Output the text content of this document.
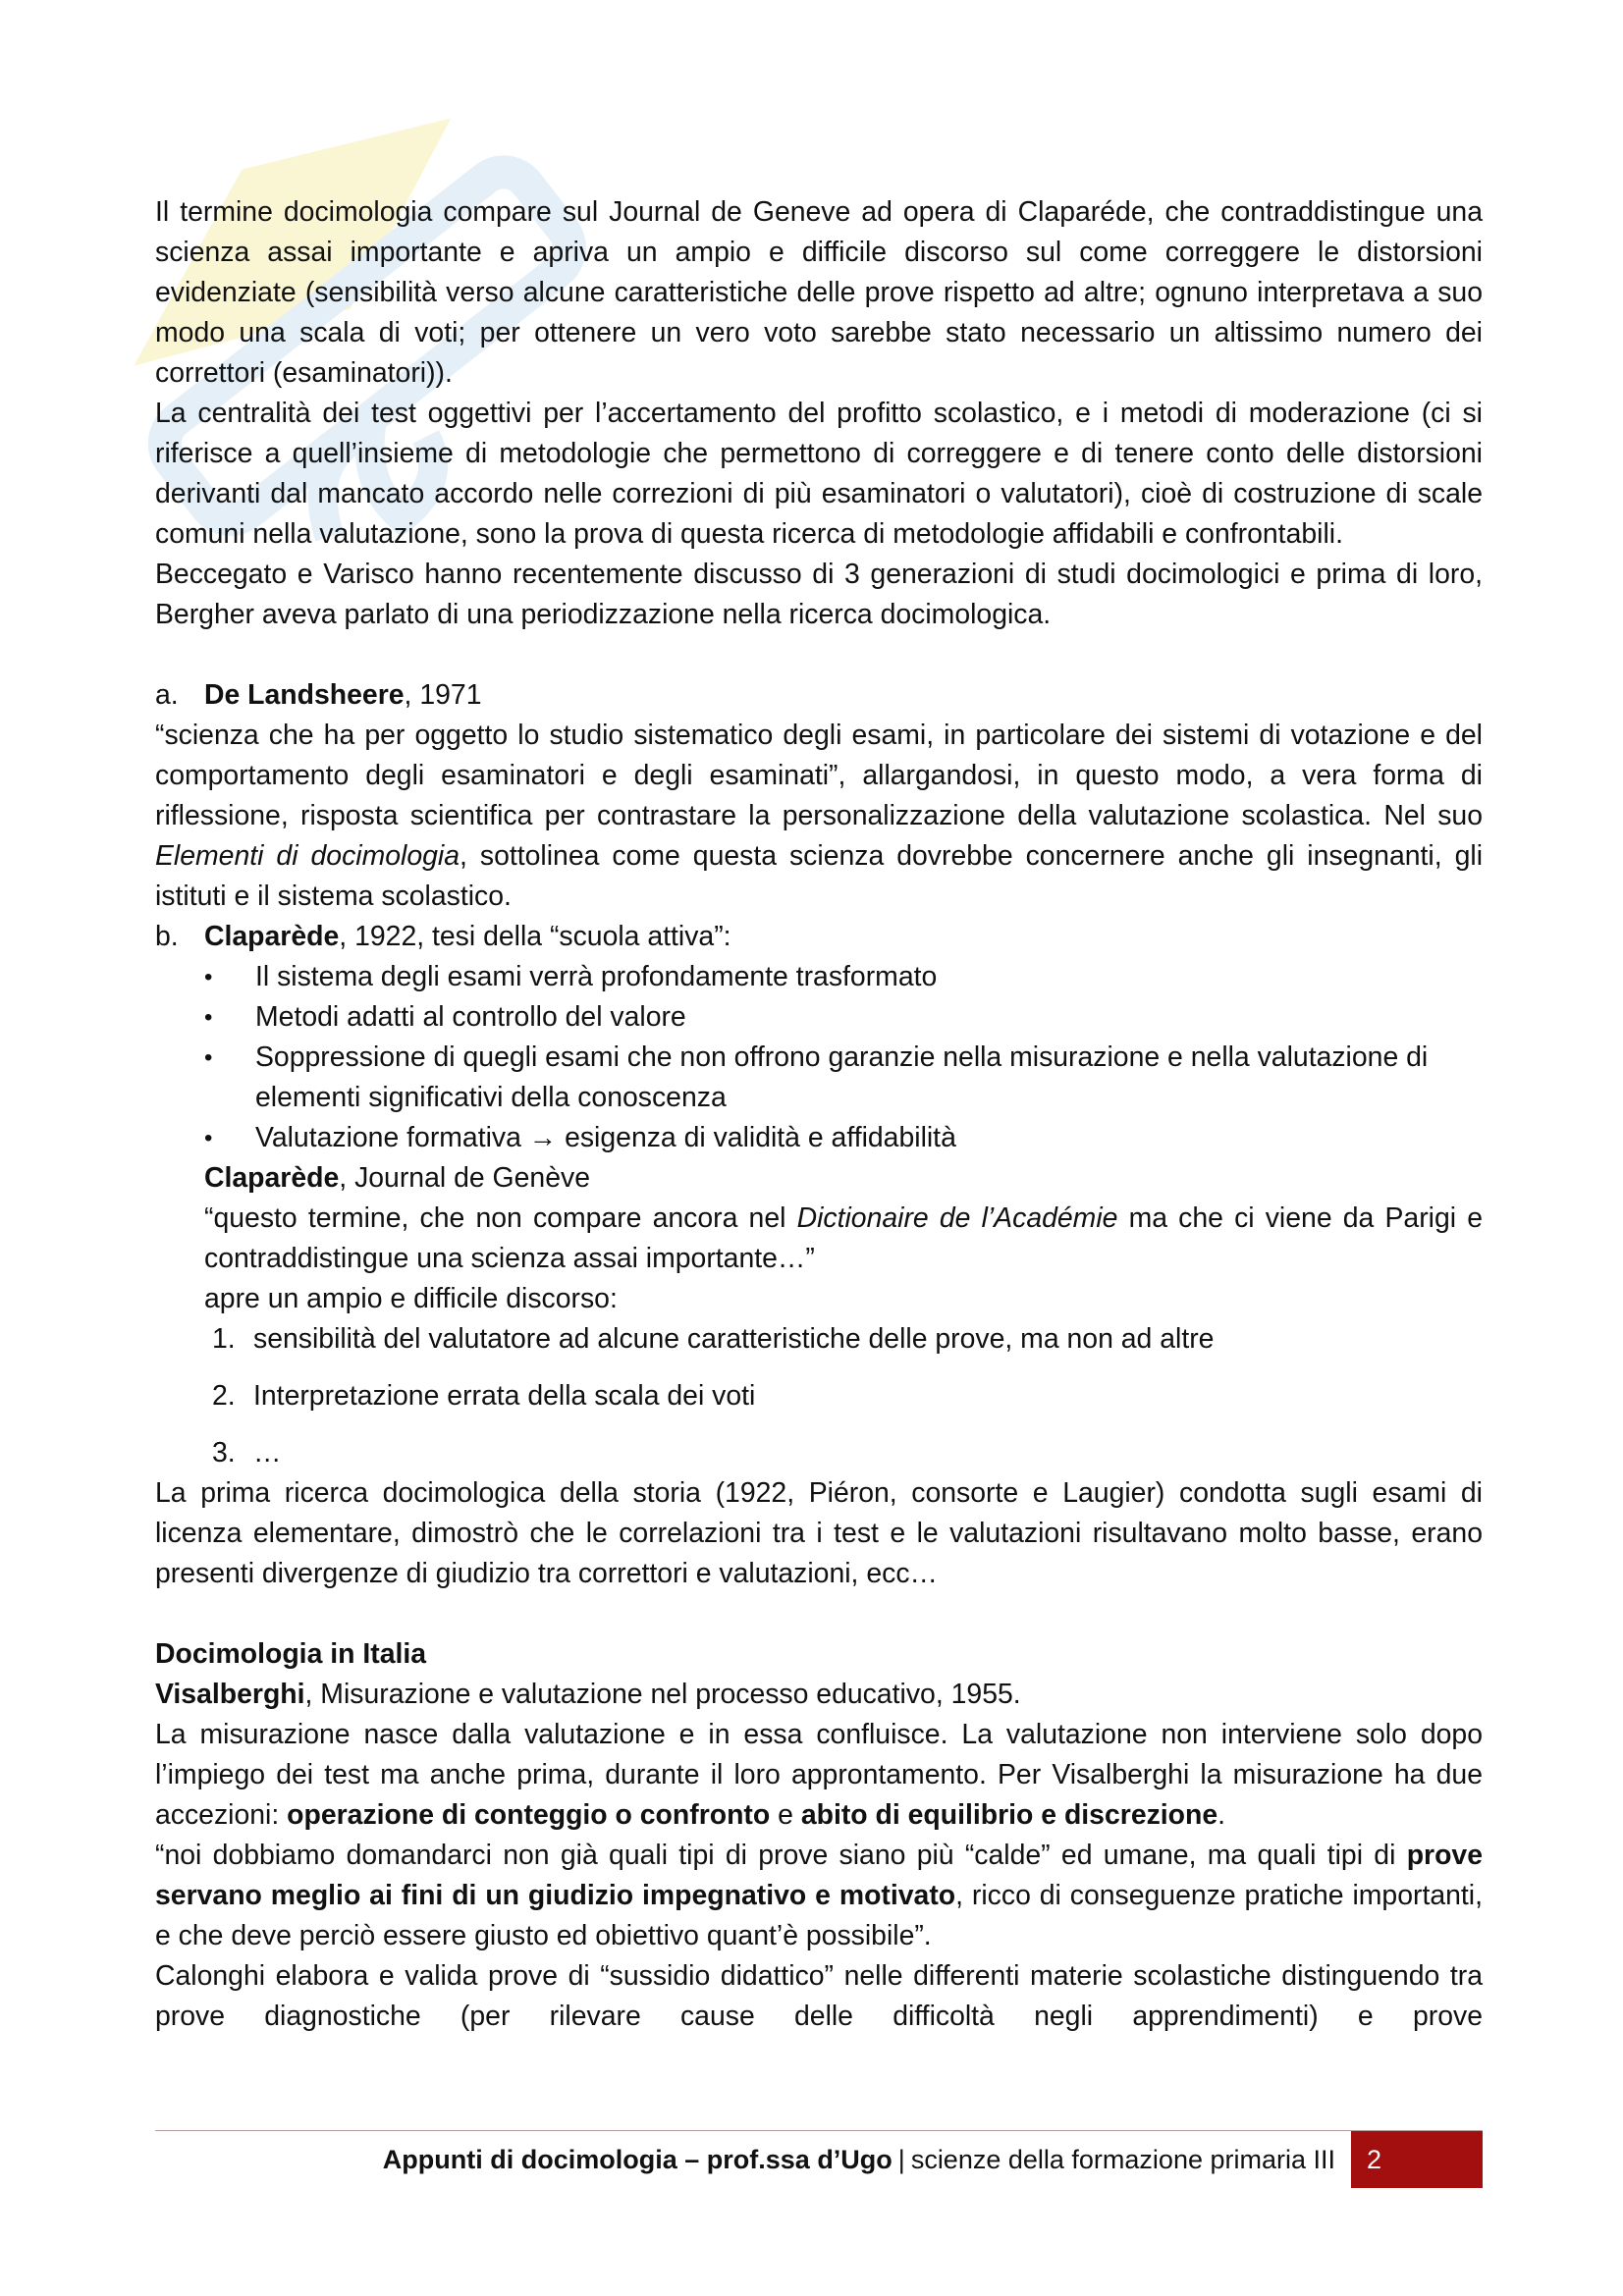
Il termine docimologia compare sul Journal de Geneve ad opera di Claparéde, che contraddistingue una scienza assai importante e apriva un ampio e difficile discorso sul come correggere le distorsioni evidenziate (sensibilità verso alcune caratteristiche delle prove rispetto ad altre; ognuno interpretava a suo modo una scala di voti; per ottenere un vero voto sarebbe stato necessario un altissimo numero dei correttori (esaminatori)).

La centralità dei test oggettivi per l’accertamento del profitto scolastico, e i metodi di moderazione (ci si riferisce a quell’insieme di metodologie che permettono di correggere e di tenere conto delle distorsioni derivanti dal mancato accordo nelle correzioni di più esaminatori o valutatori), cioè di costruzione di scale comuni nella valutazione, sono la prova di questa ricerca di metodologie affidabili e confrontabili.

Beccegato e Varisco hanno recentemente discusso di 3 generazioni di studi docimologici e prima di loro, Bergher aveva parlato di una periodizzazione nella ricerca docimologica.

a. De Landsheere, 1971

“scienza che ha per oggetto lo studio sistematico degli esami, in particolare dei sistemi di votazione e del comportamento degli esaminatori e degli esaminati”, allargandosi, in questo modo, a vera forma di riflessione, risposta scientifica per contrastare la personalizzazione della valutazione scolastica. Nel suo Elementi di docimologia, sottolinea come questa scienza dovrebbe concernere anche gli insegnanti, gli istituti e il sistema scolastico.

b. Claparède, 1922, tesi della “scuola attiva”:
•	Il sistema degli esami verrà profondamente trasformato
•	Metodi adatti al controllo del valore
•	Soppressione di quegli esami che non offrono garanzie nella misurazione e nella valutazione di elementi significativi della conoscenza
•	Valutazione formativa → esigenza di validità e affidabilità

Claparède, Journal de Genève

“questo termine, che non compare ancora nel Dictionaire de l’Académie ma che ci viene da Parigi e contraddistingue una scienza assai importante…”

apre un ampio e difficile discorso:

1. sensibilità del valutatore ad alcune caratteristiche delle prove, ma non ad altre
2. Interpretazione errata della scala dei voti
3. …

La prima ricerca docimologica della storia (1922, Piéron, consorte e Laugier) condotta sugli esami di licenza elementare, dimostrò che le correlazioni tra i test e le valutazioni risultavano molto basse, erano presenti divergenze di giudizio tra correttori e valutazioni, ecc…

Docimologia in Italia

Visalberghi, Misurazione e valutazione nel processo educativo, 1955.

La misurazione nasce dalla valutazione e in essa confluisce. La valutazione non interviene solo dopo l’impiego dei test ma anche prima, durante il loro approntamento. Per Visalberghi la misurazione ha due accezioni: operazione di conteggio o confronto e abito di equilibrio e discrezione.

“noi dobbiamo domandarci non già quali tipi di prove siano più “calde” ed umane, ma quali tipi di prove servano meglio ai fini di un giudizio impegnativo e motivato, ricco di conseguenze pratiche importanti, e che deve perciò essere giusto ed obiettivo quant’è possibile”.

Calonghi elabora e valida prove di “sussidio didattico” nelle differenti materie scolastiche distinguendo tra prove diagnostiche (per rilevare cause delle difficoltà negli apprendimenti) e prove

Appunti di docimologia – prof.ssa d’Ugo | scienze della formazione primaria III	2
